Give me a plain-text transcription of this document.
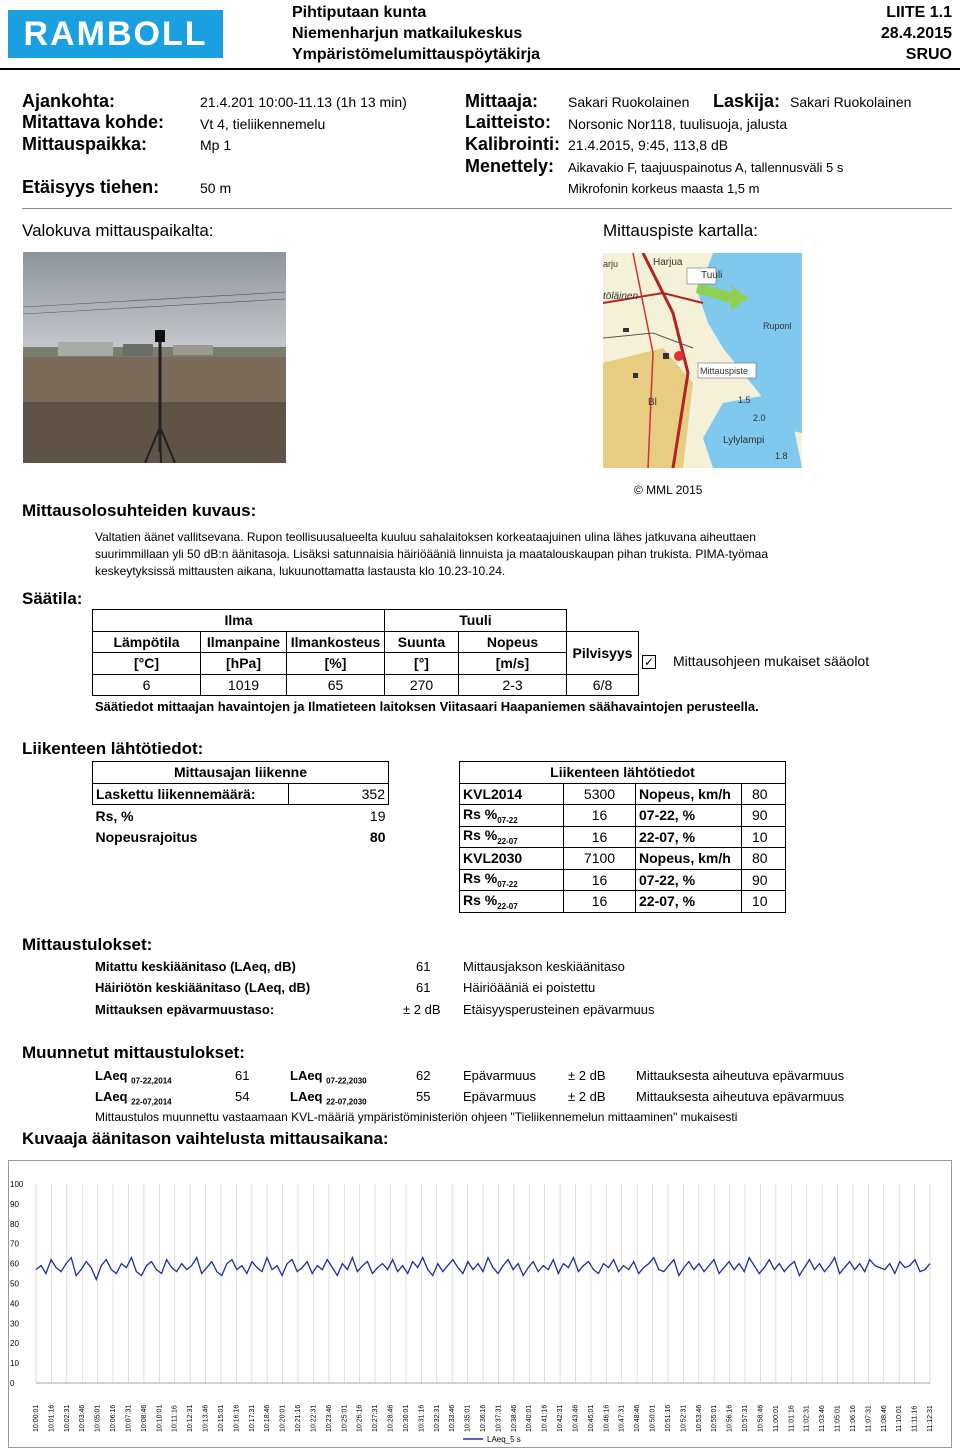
RAMBOLL
Pihtiputaan kunta
Niemenharjun matkailukeskus
Ympäristömelumittauspöytäkirja
LIITE 1.1
28.4.2015
SRUO
Ajankohta:	21.4.201 10:00-11.13 (1h 13 min)
Mitattava kohde:	Vt 4, tieliikennemelu
Mittauspaikka:	Mp 1
Etäisyys tiehen:	50 m
Mittaaja: Sakari Ruokolainen Laskija: Sakari Ruokolainen
Laitteisto: Norsonic Nor118, tuulisuoja, jalusta
Kalibrointi: 21.4.2015, 9:45, 113,8 dB
Menettely: Aikavakio F, taajuuspainotus A, tallennusväli 5 s
Mikrofonin korkeus maasta 1,5 m
Valokuva mittauspaikalta:	Mittauspiste kartalla:
Tuuli
Mittauspiste
Harjua
Ruponl
Lylylampi
Bl
arju
töläinen
1.5
2.0
1.8
© MML 2015
Mittausolosuhteiden kuvaus:
Valtatien äänet vallitsevana. Rupon teollisuusalueelta kuuluu sahalaitoksen korkeataajuinen ulina lähes jatkuvana aiheuttaen
suurimmillaan yli 50 dB:n äänitasoja. Lisäksi satunnaisia häiriöääniä linnuista ja maatalouskaupan pihan trukista. PIMA-työmaa
keskeytyksissä mittausten aikana, lukuunottamatta lastausta klo 10.23-10.24.
Säätila:
Ilma			Tuuli		
Lämpötila	Ilmanpaine	Ilmankosteus	Suunta	Nopeus	Pilvisyys
[°C]	[hPa]	[%]	[°]	[m/s]	
6	1019	65	270	2-3	6/8
✓ Mittausohjeen mukaiset sääolot
Säätiedot mittaajan havaintojen ja Ilmatieteen laitoksen Viitasaari Haapaniemen säähavaintojen perusteella.
Liikenteen lähtötiedot:
Mittausajan liikenne	
Laskettu liikennemäärä:	352
Rs, %	19
Nopeusrajoitus	80
Liikenteen lähtötiedot			
KVL2014	5300	Nopeus, km/h	80
Rs $\%_{07-22}$	16	07-22, %	90
Rs $\%_{22-07}$	16	22-07, %	10
KVL2030	7100	Nopeus, km/h	80
Rs $\%_{07-22}$	16	07-22, %	90
Rs $\%_{22-07}$	16	22-07, %	10
Mittaustulokset:
Mitattu keskiäänitaso (LAeq, dB)	61	Mittausjakson keskiäänitaso
Häiriötön keskiäänitaso (LAeq, dB)	61	Häiriöääniä ei poistettu
Mittauksen epävarmuustaso:	± 2 dB Etäisyysperusteinen epävarmuus
Muunnetut mittaustulokset:
LAeq $_{07-22,2014}$	61	LAeq $_{07-22,2030}$	62	Epävarmuus ± 2 dB Mittauksesta aiheutuva epävarmuus
LAeq $_{22-07,2014}$	54	LAeq $_{22-07,2030}$	55	Epävarmuus ± 2 dB Mittauksesta aiheutuva epävarmuus
Mittaustulos muunnettu vastaamaan KVL-määriä ympäristöministeriön ohjeen "Tieliikennemelun mittaaminen" mukaisesti
Kuvaaja äänitason vaihtelusta mittausaikana:
100
90
80
70
60
50
40
30
20
10
0
10:00:01 10:01:16 10:02:31 10:03:46 10:05:01 10:06:16 10:07:31 10:08:46 10:10:01 10:11:16 10:12:31 10:13:46 10:15:01 10:16:16 10:17:31 10:18:46 10:20:01 10:21:16 10:22:31 10:23:46 10:25:01 10:26:16 10:27:31 10:28:46 10:30:01 10:31:16 10:32:31 10:33:46 10:35:01 10:36:16 10:37:31 10:38:46 10:40:01 10:41:16 10:42:31 10:43:46 10:45:01 10:46:16 10:47:31 10:48:46 10:50:01 10:51:16 10:52:31 10:53:46 10:55:01 10:56:16 10:57:31 10:58:46 11:00:01 11:01:16 11:02:31 11:03:46 11:05:01 11:06:16 11:07:31 11:08:46 11:10:01 11:11:16 11:12:31
LAeq_5 s
